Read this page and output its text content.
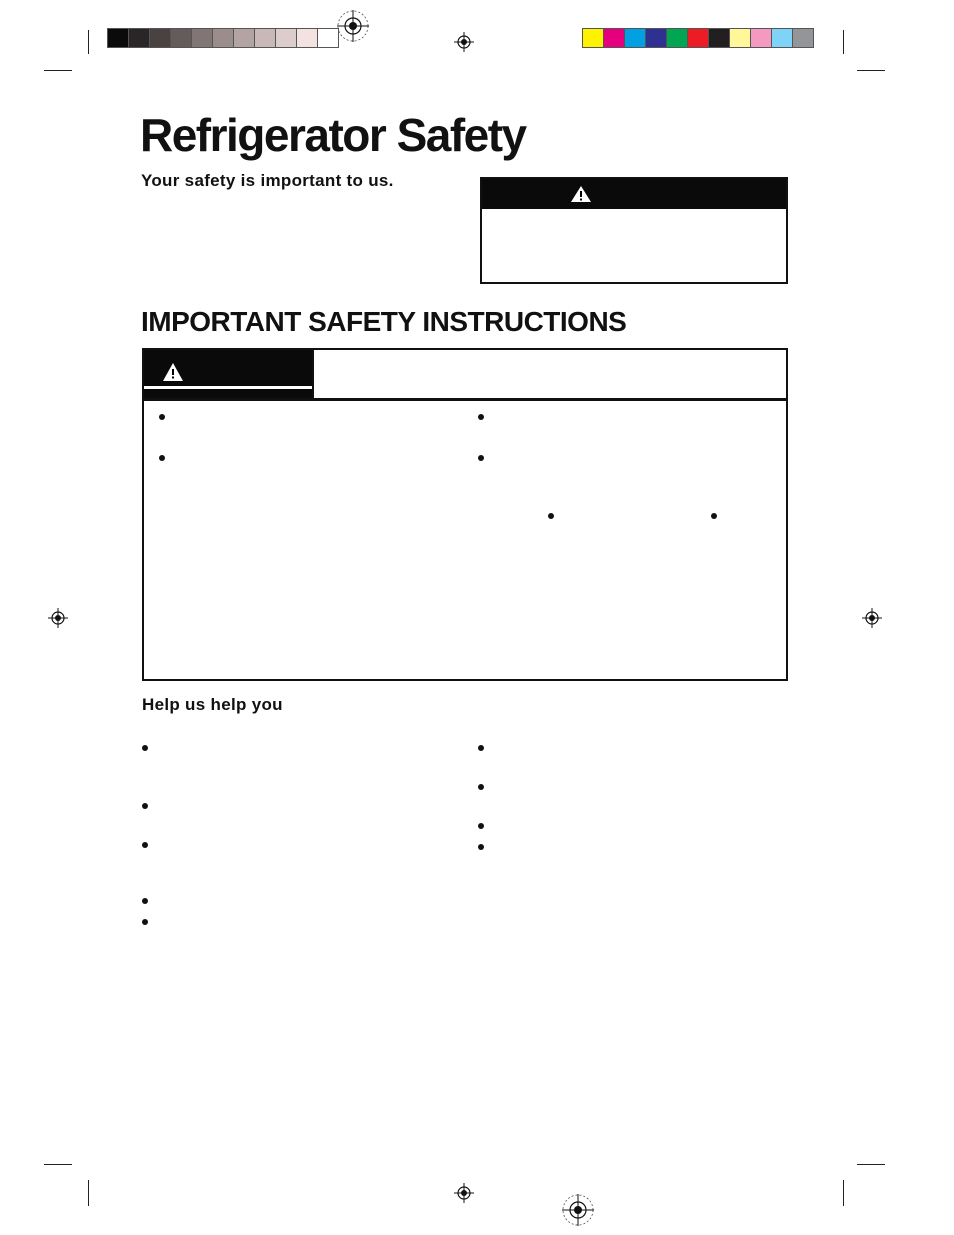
Refrigerator Safety
Your safety is important to us.
IMPORTANT SAFETY INSTRUCTIONS
Help us help you
